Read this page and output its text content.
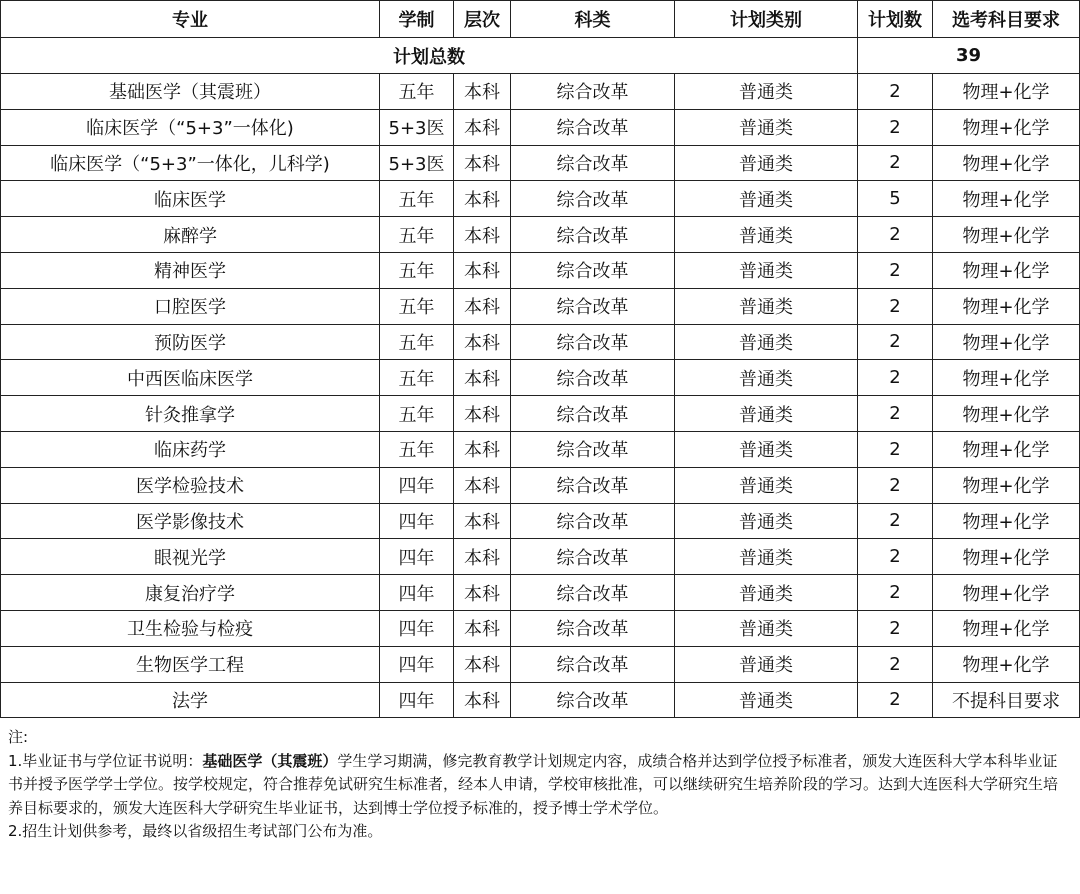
专业	学制	层次	科类	计划类别	计划数	选考科目要求
计划总数					39	
基础医学（其震班）	五年	本科	综合改革	普通类	2	物理+化学
临床医学（“5+3”一体化)	5+3医	本科	综合改革	普通类	2	物理+化学
临床医学（“5+3”一体化，儿科学)	5+3医	本科	综合改革	普通类	2	物理+化学
临床医学	五年	本科	综合改革	普通类	5	物理+化学
麻醉学	五年	本科	综合改革	普通类	2	物理+化学
精神医学	五年	本科	综合改革	普通类	2	物理+化学
口腔医学	五年	本科	综合改革	普通类	2	物理+化学
预防医学	五年	本科	综合改革	普通类	2	物理+化学
中西医临床医学	五年	本科	综合改革	普通类	2	物理+化学
针灸推拿学	五年	本科	综合改革	普通类	2	物理+化学
临床药学	五年	本科	综合改革	普通类	2	物理+化学
医学检验技术	四年	本科	综合改革	普通类	2	物理+化学
医学影像技术	四年	本科	综合改革	普通类	2	物理+化学
眼视光学	四年	本科	综合改革	普通类	2	物理+化学
康复治疗学	四年	本科	综合改革	普通类	2	物理+化学
卫生检验与检疫	四年	本科	综合改革	普通类	2	物理+化学
生物医学工程	四年	本科	综合改革	普通类	2	物理+化学
法学	四年	本科	综合改革	普通类	2	不提科目要求

注:

1.毕业证书与学位证书说明：基础医学（其震班）学生学习期满，修完教育教学计划规定内容，成绩合格并达到学位授予标准者，颁发大连医科大学本科毕业证书并授予医学学士学位。按学校规定，符合推荐免试研究生标准者，经本人申请，学校审核批准，可以继续研究生培养阶段的学习。达到大连医科大学研究生培养目标要求的，颁发大连医科大学研究生毕业证书，达到博士学位授予标准的，授予博士学术学位。

2.招生计划供参考，最终以省级招生考试部门公布为准。
